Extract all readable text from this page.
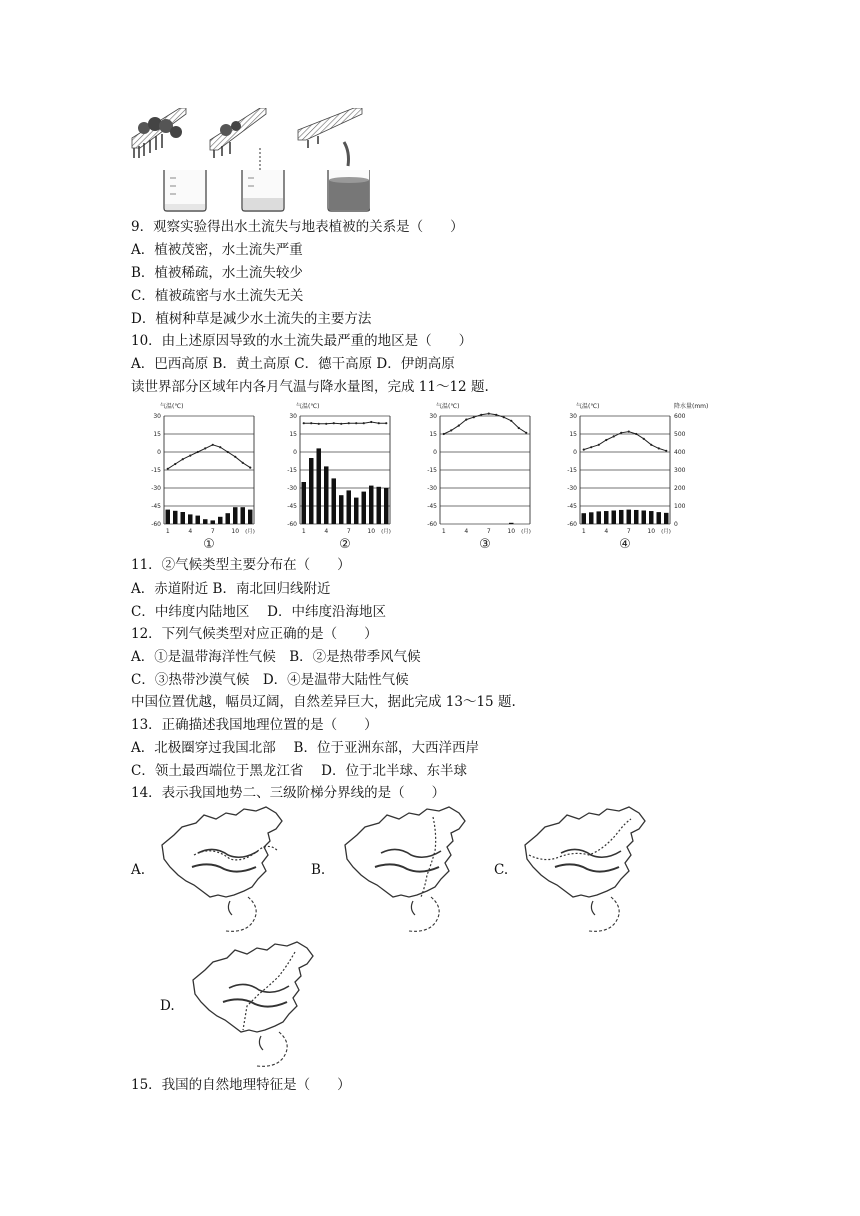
9．观察实验得出水土流失与地表植被的关系是（　　）
A．植被茂密，水土流失严重
B．植被稀疏，水土流失较少
C．植被疏密与水土流失无关
D．植树种草是减少水土流失的主要方法
10．由上述原因导致的水土流失最严重的地区是（　　）
A．巴西高原 B．黄土高原 C．德干高原 D．伊朗高原
读世界部分区域年内各月气温与降水量图，完成 11～12 题.
气温(℃)
30
15
0
-15
-30
-45
-60
1	4	7	10 (月)
①
气温(℃)
30
15
0
-15
-30
-45
-60
1	4	7	10 (月)
②
气温(℃)
30
15
0
-15
-30
-45
-60
1	4	7	10 (月)
③
气温(℃)
30
15
0
-15
-30
-45
-60
1	4	7	10 (月)
④
降水量(mm)
600
500
400
300
200
100
0
11．②气候类型主要分布在（　　）
A．赤道附近 B．南北回归线附近
C．中纬度内陆地区　 D．中纬度沿海地区
12．下列气候类型对应正确的是（　　）
A．①是温带海洋性气候　B．②是热带季风气候
C．③热带沙漠气候　D．④是温带大陆性气候
中国位置优越，幅员辽阔，自然差异巨大，据此完成 13～15 题.
13．正确描述我国地理位置的是（　　）
A．北极圈穿过我国北部　 B．位于亚洲东部，大西洋西岸
C．领土最西端位于黑龙江省　 D．位于北半球、东半球
14．表示我国地势二、三级阶梯分界线的是（　　）
A.	B.	C.
D.
15．我国的自然地理特征是（　　）
